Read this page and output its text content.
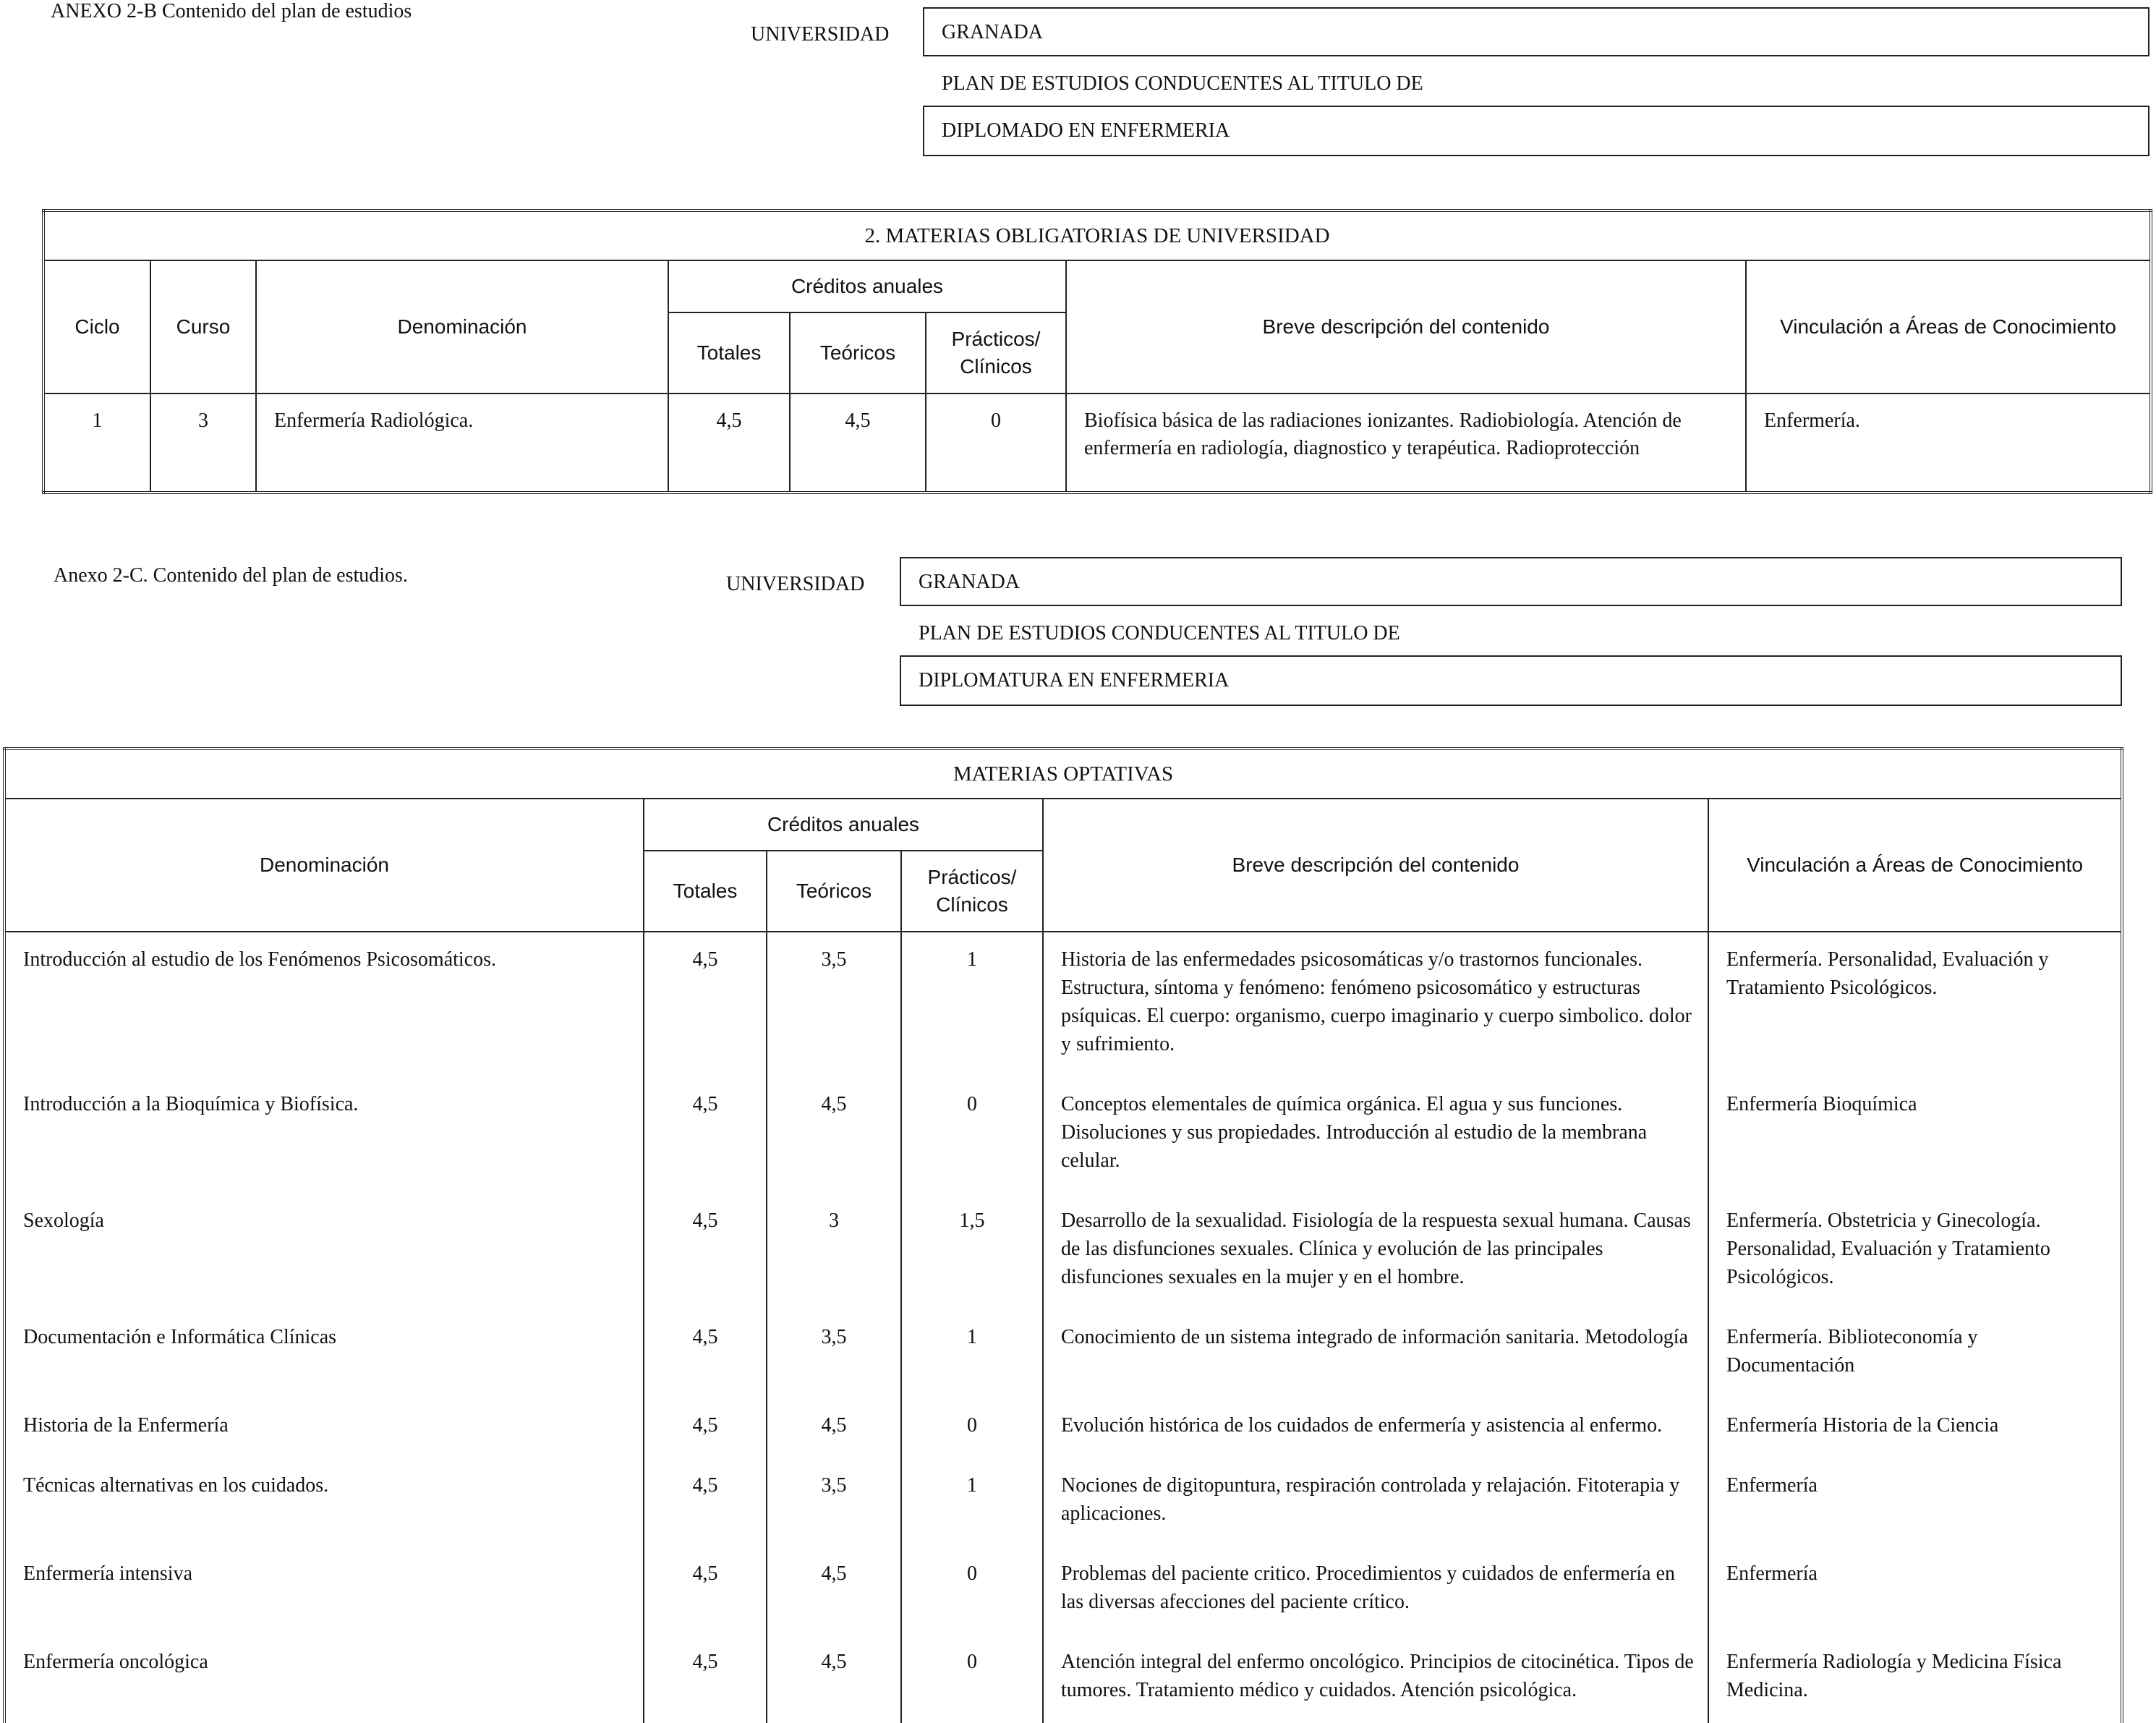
ANEXO 2-B Contenido del plan de estudios
UNIVERSIDAD	GRANADA
PLAN DE ESTUDIOS CONDUCENTES AL TITULO DE
DIPLOMADO EN ENFERMERIA
2. MATERIAS OBLIGATORIAS DE UNIVERSIDAD							
Ciclo	Curso	Denominación	Créditos anuales			Breve descripción del contenido	Vinculación a Áreas de Conocimiento
			Totales	Teóricos	Prácticos/ Clínicos		
1	3	Enfermería Radiológica.	4,5	4,5	0	Biofísica básica de las radiaciones ionizantes. Radiobiología. Atención de enfermería en radiología, diagnostico y terapéutica. Radioprotección	Enfermería.
Anexo 2-C. Contenido del plan de estudios.	UNIVERSIDAD	GRANADA
PLAN DE ESTUDIOS CONDUCENTES AL TITULO DE
DIPLOMATURA EN ENFERMERIA
MATERIAS OPTATIVAS					
Denominación	Créditos anuales			Breve descripción del contenido	Vinculación a Áreas de Conocimiento
	Totales	Teóricos	Prácticos/ Clínicos		
Introducción al estudio de los Fenómenos Psicosomáticos.	4,5	3,5	1	Historia de las enfermedades psicosomáticas y/o trastornos funcionales. Estructura, síntoma y fenómeno: fenómeno psicosomático y estructuras psíquicas. El cuerpo: organismo, cuerpo imaginario y cuerpo simbolico. dolor y sufrimiento.	Enfermería. Personalidad, Evaluación y Tratamiento Psicológicos.
Introducción a la Bioquímica y Biofísica.	4,5	4,5	0	Conceptos elementales de química orgánica. El agua y sus funciones. Disoluciones y sus propiedades. Introducción al estudio de la membrana celular.	Enfermería Bioquímica
Sexología	4,5	3	1,5	Desarrollo de la sexualidad. Fisiología de la respuesta sexual humana. Causas de las disfunciones sexuales. Clínica y evolución de las principales disfunciones sexuales en la mujer y en el hombre.	Enfermería. Obstetricia y Ginecología. Personalidad, Evaluación y Tratamiento Psicológicos.
Documentación e Informática Clínicas	4,5	3,5	1	Conocimiento de un sistema integrado de información sanitaria. Metodología	Enfermería. Biblioteconomía y Documentación
Historia de la Enfermería	4,5	4,5	0	Evolución histórica de los cuidados de enfermería y asistencia al enfermo.	Enfermería Historia de la Ciencia
Técnicas alternativas en los cuidados.	4,5	3,5	1	Nociones de digitopuntura, respiración controlada y relajación. Fitoterapia y aplicaciones.	Enfermería
Enfermería intensiva	4,5	4,5	0	Problemas del paciente critico. Procedimientos y cuidados de enfermería en las diversas afecciones del paciente crítico.	Enfermería
Enfermería oncológica	4,5	4,5	0	Atención integral del enfermo oncológico. Principios de citocinética. Tipos de tumores. Tratamiento médico y cuidados. Atención psicológica.	Enfermería Radiología y Medicina Física Medicina.
